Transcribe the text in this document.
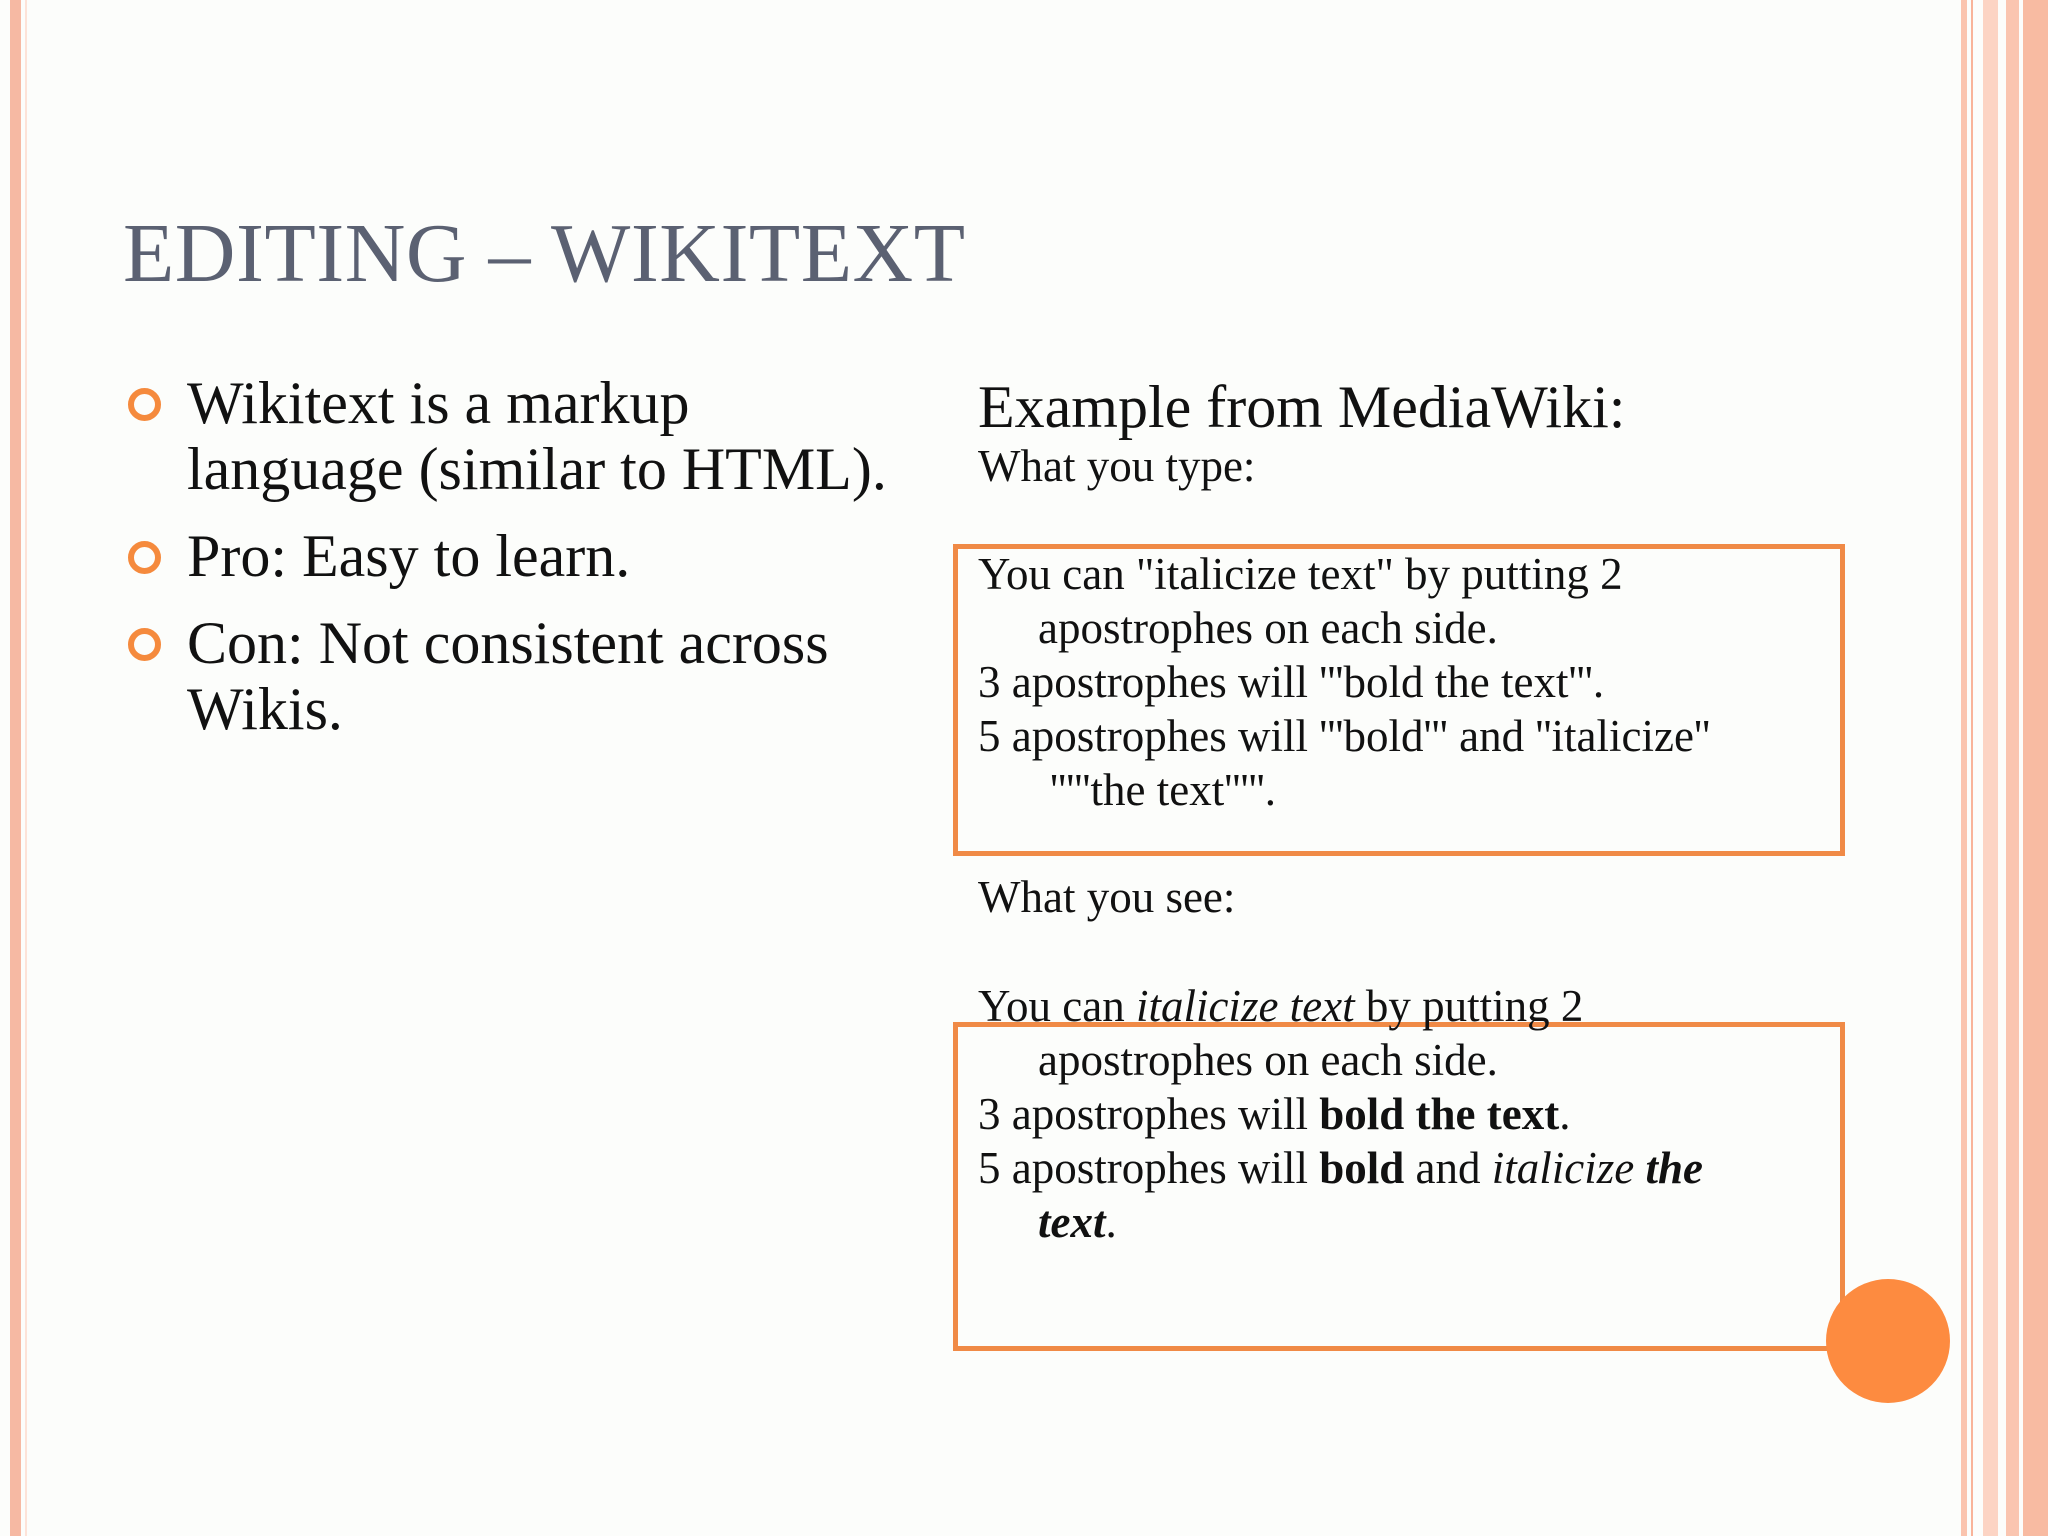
EDITING – WIKITEXT
Wikitext is a markup
language (similar to HTML).
Pro: Easy to learn.
Con: Not consistent across
Wikis.
Example from MediaWiki:
What you type:
You can "italicize text" by putting 2
apostrophes on each side.
3 apostrophes will '''bold the text'''.
5 apostrophes will '''bold''' and ''italicize''
'''''the text'''''.
What you see:
You can italicize text by putting 2
apostrophes on each side.
3 apostrophes will bold the text.
5 apostrophes will bold and italicize the
text.
